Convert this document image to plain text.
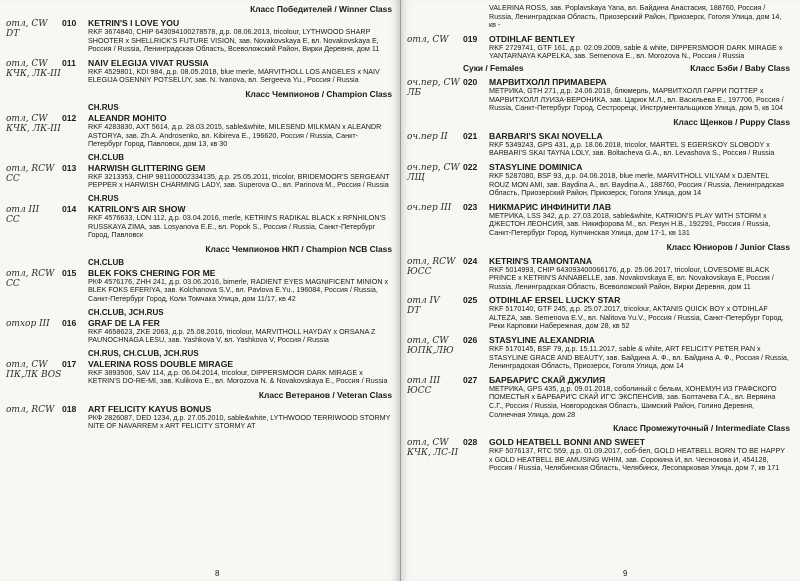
Класс Победителей / Winner Class
010 KETRIN'S I LOVE YOU
RKF 3674840, CHIP 643094100278578, д.р. 08.06.2013, tricolour, LYTHWOOD SHARP SHOOTER x SHELLRICK'S FUTURE VISION, зав. Novakovskaya E, вл. Novakovskaya E, Россия / Russia, Ленинградская Область, Всеволожский Район, Вирки Деревня, дом 11
отл, CW
DT
011 NAIV ELEGIJA VIVAT RUSSIA
RKF 4529801, KDI 984, д.р. 08.05.2018, blue merle, MARVITHOLL LOS ANGELES x NAIV ELEGIJA OSENNIY POTSELUY, зав. N. Ivanova, вл. Sergeeva Yu., Россия / Russia
отл, CW
КЧК, ЛК-III
Класс Чемпионов / Champion Class
CH.RUS
012 ALEANDR MOHITO
RKF 4283830, AXT 5614, д.р. 28.03.2015, sable&white, MILESEND MILKMAN x ALEANDR ASTORYA, зав. Zh.A. Androsenko, вл. Kibireva E., 196620, Россия / Russia, Санкт-Петербург Город, Павловск, дом 13, кв 30
отл, CW
КЧК, ЛК-III
CH.CLUB
013 HARWISH GLITTERING GEM
RKF 3213353, CHIP 981100002334135, д.р. 25.05.2011, tricolor, BRIDEMOOR'S SERGEANT PEPPER x HARWISH CHARMING LADY, зав. Superova O., вл. Parinova M., Россия / Russia
отл, RCW
CC
CH.RUS
014 KATRILON'S AIR SHOW
RKF 4576633, LON 112, д.р. 03.04.2016, merle, KETRIN'S RADIKAL BLACK x RFNHILON'S RUSSKAYA ZIMA, зав. Losyanova E.E., вл. Popok S., Россия / Russia, Санкт-Петербург Город, Павловск
отл III
CC
Класс Чемпионов НКП / Champion NCB Class
CH.CLUB
015 BLEK FOKS CHERING FOR ME
РКФ 4576176, ZHH 241, д.р. 03.06.2016, bimerle, RADIENT EYES MAGNIFICENT MINION x BLEK FOKS EFERIYA, зав. Kolchanova S.V., вл. Pavlova E.Yu., 196084, Россия / Russia, Санкт-Петербург Город, Коли Томчака Улица, дом 11/17, кв 42
отл, RCW
CC
CH.CLUB, JCH.RUS
016 GRAF DE LA FER
RKF 4658623, ZKE 2063, д.р. 25.08.2016, tricolour, MARVITHOLL HAYDAY x ORSANA Z PAUNOCHNAGA LESU, зав. Yashkova V, вл. Yashkova V, Россия / Russia
отхор III
CH.RUS, CH.CLUB, JCH.RUS
017 VALERINA ROSS DOUBLE MIRAGE
RKF 3893506, SAV 114, д.р. 06.04.2014, tricolour, DIPPERSMOOR DARK MIRAGE x KETRIN'S DO-RE-MI, зав. Kulikova E., вл. Morozova N. & Novakovskaya E., Россия / Russia
отл, CW
ПК,ЛК BOS
Класс Ветеранов / Veteran Class
018 ART FELICITY KAYUS BONUS
РКФ 2826087, DED 1234, д.р. 27.05.2010, sable&white, LYTHWOOD TERRIWOOD STORMY NITE OF NAVARREM x ART FELICITY STORMY AT
отл, RCW
8
VALERINA ROSS, зав. Poplavskaya Yana, вл. Байдина Анастасия, 188760, Россия / Russia, Ленинградская Область, Приозерский Район, Приозерск, Гоголя Улица, дом 14, кв -
019 OTDIHLAF BENTLEY
RKF 2729741, GTF 161, д.р. 02.09.2009, sable & white, DIPPERSMOOR DARK MIRAGE x YANTARNAYA KAPELKA, зав. Semenova E., вл. Morozova N., Россия / Russia
отл, CW
Суки / Females	Класс Бэби / Baby Class
020 МАРВИТХОЛЛ ПРИМАВЕРА
МЕТРИКА, GTH 271, д.р. 24.06.2018, блюмерль, МАРВИТХОЛЛ ГАРРИ ПОТТЕР x МАРВИТХОЛЛ ЛУИЗА-ВЕРОНИКА, зав. Царюк М.Л., вл. Васильева Е., 197706, Россия / Russia, Санкт-Петербург Город, Сестрорецк, Инструментальщиков Улица, дом 5, кв 104
оч.пер, CW
ЛБ
Класс Щенков / Puppy Class
021 BARBARI'S SKAI NOVELLA
RKF 5349243, GPS 431, д.р. 18.06.2018, tricolor, MARTEL S EGERSKOY SLOBODY x BARBARI'S SKAI TAYNA LOLY, зав. Boltacheva G.A., вл. Levashova S., Россия / Russia
оч.пер II
022 STASYLINE DOMINICA
RKF 5287080, BSF 93, д.р. 04.06.2018, blue merle, MARVITHOLL VILYAM x DJENTEL ROUZ MON AMI, зав. Baydina A., вл. Baydina A., 188760, Россия / Russia, Ленинградская Область, Приозерский Район, Приозерск, Гоголя Улица, дом 14
оч.пер, CW
ЛЩ
023 НИКМАРИС ИНФИНИТИ ЛАВ
МЕТРИКА, LSS 342, д.р. 27.03.2018, sable&white, KATRION'S PLAY WITH STORM x ДЖЕСТОН ЛЕОНСИЯ, зав. Никифорова М., вл. Резун Н.В., 192291, Россия / Russia, Санкт-Петербург Город, Купчинская Улица, дом 17-1, кв 131
оч.пер III
Класс Юниоров / Junior Class
024 KETRIN'S TRAMONTANA
RKF 5014993, CHIP 643093400066176, д.р. 25.06.2017, tricolour, LOVESOME BLACK PRINCE x KETRIN'S ANNABELLE, зав. Novakovskaya E, вл. Novakovskaya E, Россия / Russia, Ленинградская Область, Всеволожский Район, Вирки Деревня, дом 11
отл, RCW
ЮСС
025 OTDIHLAF ERSEL LUCKY STAR
RKF 5170140, GTF 245, д.р. 25.07.2017, tricolour, AKTANIS QUICK BOY x OTDIHLAF ALTEZA, зав. Semenova E.V., вл. Nalitova Yu.V., Россия / Russia, Санкт-Петербург Город, Реки Карповки Набережная, дом 28, кв 52
отл IV
DT
026 STASYLINE ALEXANDRIA
RKF 5170145, BSF 79, д.р. 15.11.2017, sable & white, ART FELICITY PETER PAN x STASYLINE GRACE AND BEAUTY, зав. Байдина А. Ф., вл. Байдина А. Ф., Россия / Russia, Ленинградская Область, Приозерск, Гоголя Улица, дом 14
отл, CW
ЮПК,ЛЮ
027 БАРБАРИ'С СКАЙ ДЖУЛИЯ
МЕТРИКА, GPS 435, д.р. 09.01.2018, соболиный с белым, ХОНЕМУН ИЗ ГРАФСКОГО ПОМЕСТЬЯ x БАРБАРИ'С СКАЙ ИГ'С ЭКСПЕНСИВ, зав. Болтачева Г.А., вл. Веряина С.Г., Россия / Russia, Новгородская Область, Шимский Район, Голино Деревня, Солнечная Улица, дом 28
отл III
ЮСС
Класс Промежуточный / Intermediate Class
028 GOLD HEATBELL BONNI AND SWEET
RKF 5076137, RTC 559, д.р. 01.09.2017, соб-бел, GOLD HEATBELL BORN TO BE HAPPY x GOLD HEATBELL BE AMUSING WHIM, зав. Сорокина И, вл. Чеснокова И, 454128, Россия / Russia, Челябинская Область, Челябинск, Лесопарковая Улица, дом 7, кв 171
отл, CW
КЧК, ЛС-II
9
